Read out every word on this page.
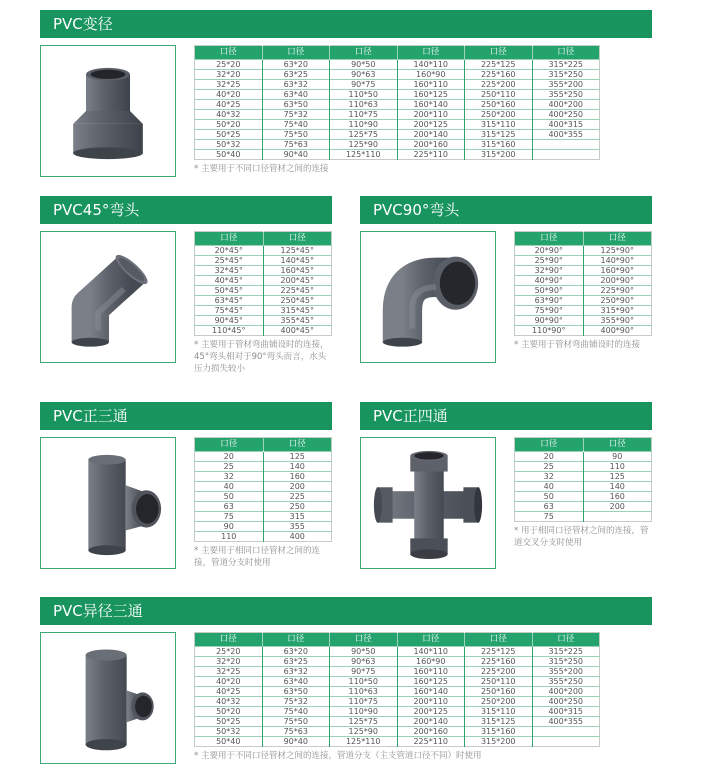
PVC变径
口径	口径	口径	口径	口径	口径
25*20	63*20	90*50	140*110	225*125	315*225
32*20	63*25	90*63	160*90	225*160	315*250
32*25	63*32	90*75	160*110	225*200	355*200
40*20	63*40	110*50	160*125	250*110	355*250
40*25	63*50	110*63	160*140	250*160	400*200
40*32	75*32	110*75	200*110	250*200	400*250
50*20	75*40	110*90	200*125	315*110	400*315
50*25	75*50	125*75	200*140	315*125	400*355
50*32	75*63	125*90	200*160	315*160	
50*40	90*40	125*110	225*110	315*200	
* 主要用于不同口径管材之间的连接
PVC45°弯头
口径	口径
20*45°	125*45°
25*45°	140*45°
32*45°	160*45°
40*45°	200*45°
50*45°	225*45°
63*45°	250*45°
75*45°	315*45°
90*45°	355*45°
110*45°	400*45°
* 主要用于管材弯曲铺设时的连接，45°弯头相对于90°弯头而言，水头压力损失较小
PVC90°弯头
口径	口径
20*90°	125*90°
25*90°	140*90°
32*90°	160*90°
40*90°	200*90°
50*90°	225*90°
63*90°	250*90°
75*90°	315*90°
90*90°	355*90°
110*90°	400*90°
* 主要用于管材弯曲铺设时的连接
PVC正三通
口径	口径
20	125
25	140
32	160
40	200
50	225
63	250
75	315
90	355
110	400
* 主要用于相同口径管材之间的连接，管道分支时使用
PVC正四通
口径	口径
20	90
25	110
32	125
40	140
50	160
63	200
75	
* 用于相同口径管材之间的连接，管道交叉分支时使用
PVC异径三通
口径	口径	口径	口径	口径	口径
25*20	63*20	90*50	140*110	225*125	315*225
32*20	63*25	90*63	160*90	225*160	315*250
32*25	63*32	90*75	160*110	225*200	355*200
40*20	63*40	110*50	160*125	250*110	355*250
40*25	63*50	110*63	160*140	250*160	400*200
40*32	75*32	110*75	200*110	250*200	400*250
50*20	75*40	110*90	200*125	315*110	400*315
50*25	75*50	125*75	200*140	315*125	400*355
50*32	75*63	125*90	200*160	315*160	
50*40	90*40	125*110	225*110	315*200	
* 主要用于不同口径管材之间的连接，管道分支（主支管道口径不同）时使用
